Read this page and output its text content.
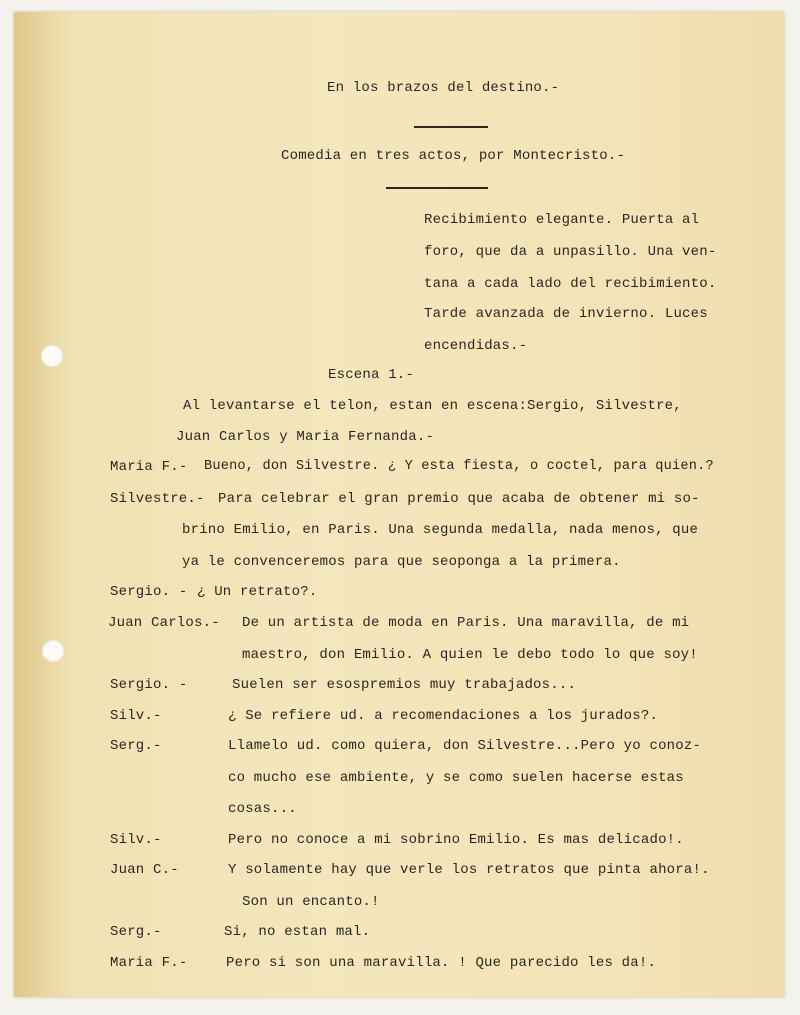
En los brazos del destino.-
Comedia en tres actos, por Montecristo.-
Recibimiento elegante. Puerta al
foro, que da a unpasillo. Una ven-
tana a cada lado del recibimiento.
Tarde avanzada de invierno. Luces
encendidas.-
Escena 1.-
Al levantarse el telon, estan en escena:Sergio, Silvestre,
Juan Carlos y Maria Fernanda.-
Maria F.- Bueno, don Silvestre. ¿ Y esta fiesta, o coctel, para quien.?
Silvestre.- Para celebrar el gran premio que acaba de obtener mi so-
brino Emilio, en Paris. Una segunda medalla, nada menos, que
ya le convenceremos para que seoponga a la primera.
Sergio. - ¿ Un retrato?.
Juan Carlos.- De un artista de moda en Paris. Una maravilla, de mi
maestro, don Emilio. A quien le debo todo lo que soy!
Sergio. -	Suelen ser esospremios muy trabajados...
Silv.-	¿ Se refiere ud. a recomendaciones a los jurados?.
Serg.-	Llamelo ud. como quiera, don Silvestre...Pero yo conoz-
co mucho ese ambiente, y se como suelen hacerse estas
cosas...
Silv.-	Pero no conoce a mi sobrino Emilio. Es mas delicado!.
Juan C.-	Y solamente hay que verle los retratos que pinta ahora!.
Son un encanto.!
Serg.-	Si, no estan mal.
Maria F.-	Pero si son una maravilla. ! Que parecido les da!.
